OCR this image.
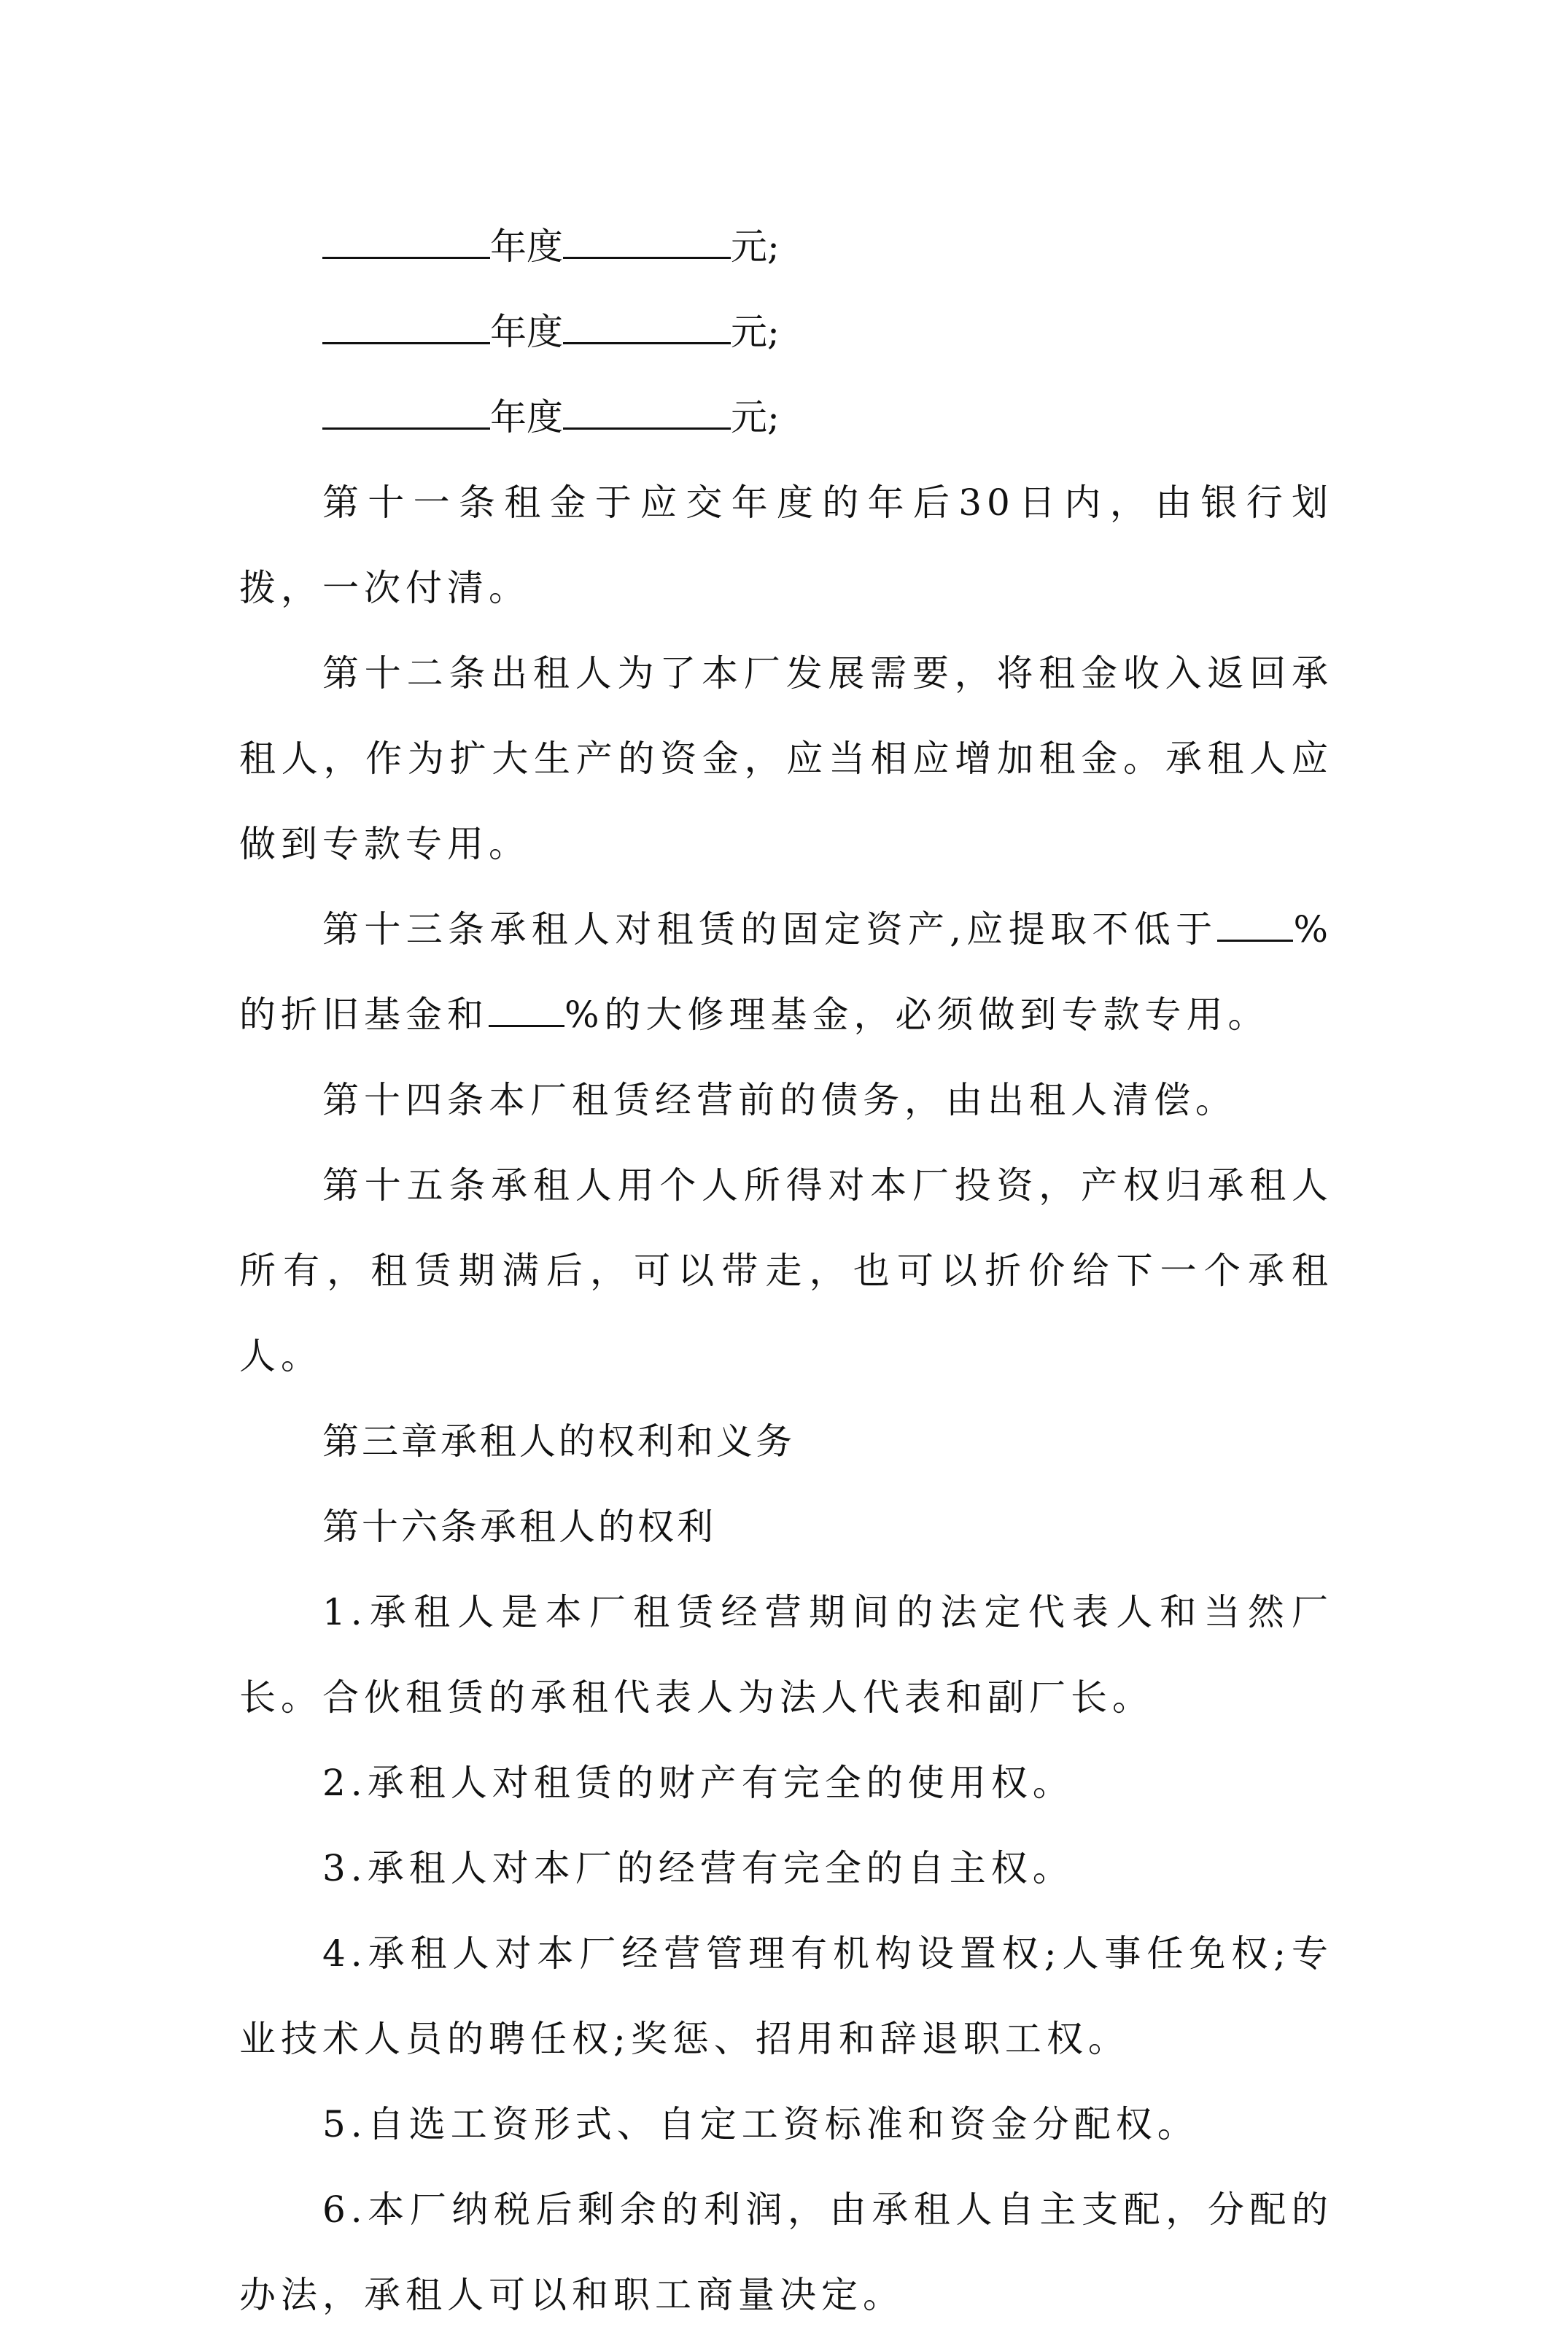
年度	元;
年度	元;
年度	元;

第十一条租金于应交年度的年后30日内，由银行划拨，一次付清。

第十二条出租人为了本厂发展需要，将租金收入返回承租人，作为扩大生产的资金，应当相应增加租金。承租人应做到专款专用。

第十三条承租人对租赁的固定资产,应提取不低于 %的折旧基金和 %的大修理基金，必须做到专款专用。

第十四条本厂租赁经营前的债务，由出租人清偿。

第十五条承租人用个人所得对本厂投资，产权归承租人所有，租赁期满后，可以带走，也可以折价给下一个承租人。

第三章承租人的权利和义务

第十六条承租人的权利

1.承租人是本厂租赁经营期间的法定代表人和当然厂长。合伙租赁的承租代表人为法人代表和副厂长。

2.承租人对租赁的财产有完全的使用权。

3.承租人对本厂的经营有完全的自主权。

4.承租人对本厂经营管理有机构设置权;人事任免权;专业技术人员的聘任权;奖惩、招用和辞退职工权。

5.自选工资形式、自定工资标准和资金分配权。

6.本厂纳税后剩余的利润，由承租人自主支配，分配的办法，承租人可以和职工商量决定。
